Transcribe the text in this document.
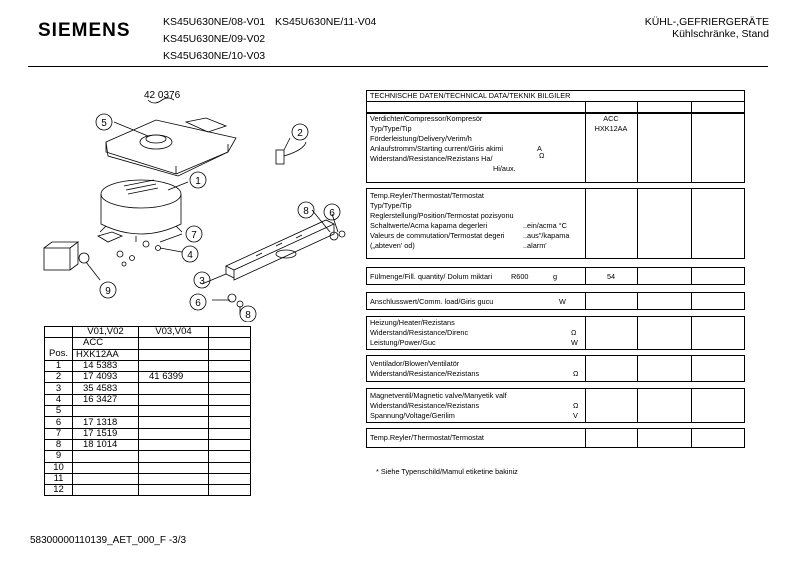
SIEMENS	KS45U630NE/08-V01 KS45U630NE/11-V04
KS45U630NE/09-V02
KS45U630NE/10-V03
KÜHL-,GEFRIERGERÄTE
Kühlschränke, Stand
42 0376
5
2
1
8 6
7
4
3
6
8
9
	V01,V02	V03,V04	
	ACC		
Pos.	HXK12AA		
1	14 5383		
2	17 4093	41 6399	
3	35 4583		
4	16 3427		
5			
6	17 1318		
7	17 1519		
8	18 1014		
9			
10			
11			
12			
TECHNISCHE DATEN/TECHNICAL DATA/TEKNIK BILGILER
Verdichter/Compressor/Kompresör	ACC
Typ/Type/Tip	HXK12AA
Förderleistung/Delivery/Verim/h
Anlaufstromm/Starting current/Giris akimi	A
Widerstand/Resistance/Rezistans Ha/	Ω
Hi/aux.
Temp.Reyler/Thermostat/Termostat
Typ/Type/Tip
Reglerstellung/Position/Termostat pozisyonu
Schaltwerte/Acma kapama degerleri	..ein/acma °C
Valeurs de commutation/Termostat degeri	..aus"/kapama
(„abteven' od)	..alarm'
Fülmenge/Fill. quantity/ Dolum miktari	R600	g	54
Anschlusswert/Comm. load/Giris gucu	W
Heizung/Heater/Rezistans
Widerstand/Resistance/Direnc	Ω
Leistung/Power/Guc	W
Ventilador/Blower/Ventilatör
Widerstand/Resistance/Rezistans	Ω
Magnetventil/Magnetic valve/Manyetik valf
Widerstand/Resistance/Rezistans	Ω
Spannung/Voltage/Gerilim	V
Temp.Reyler/Thermostat/Termostat
* Siehe Typenschild/Mamul etiketine bakiniz
58300000110139_AET_000_F -3/3
